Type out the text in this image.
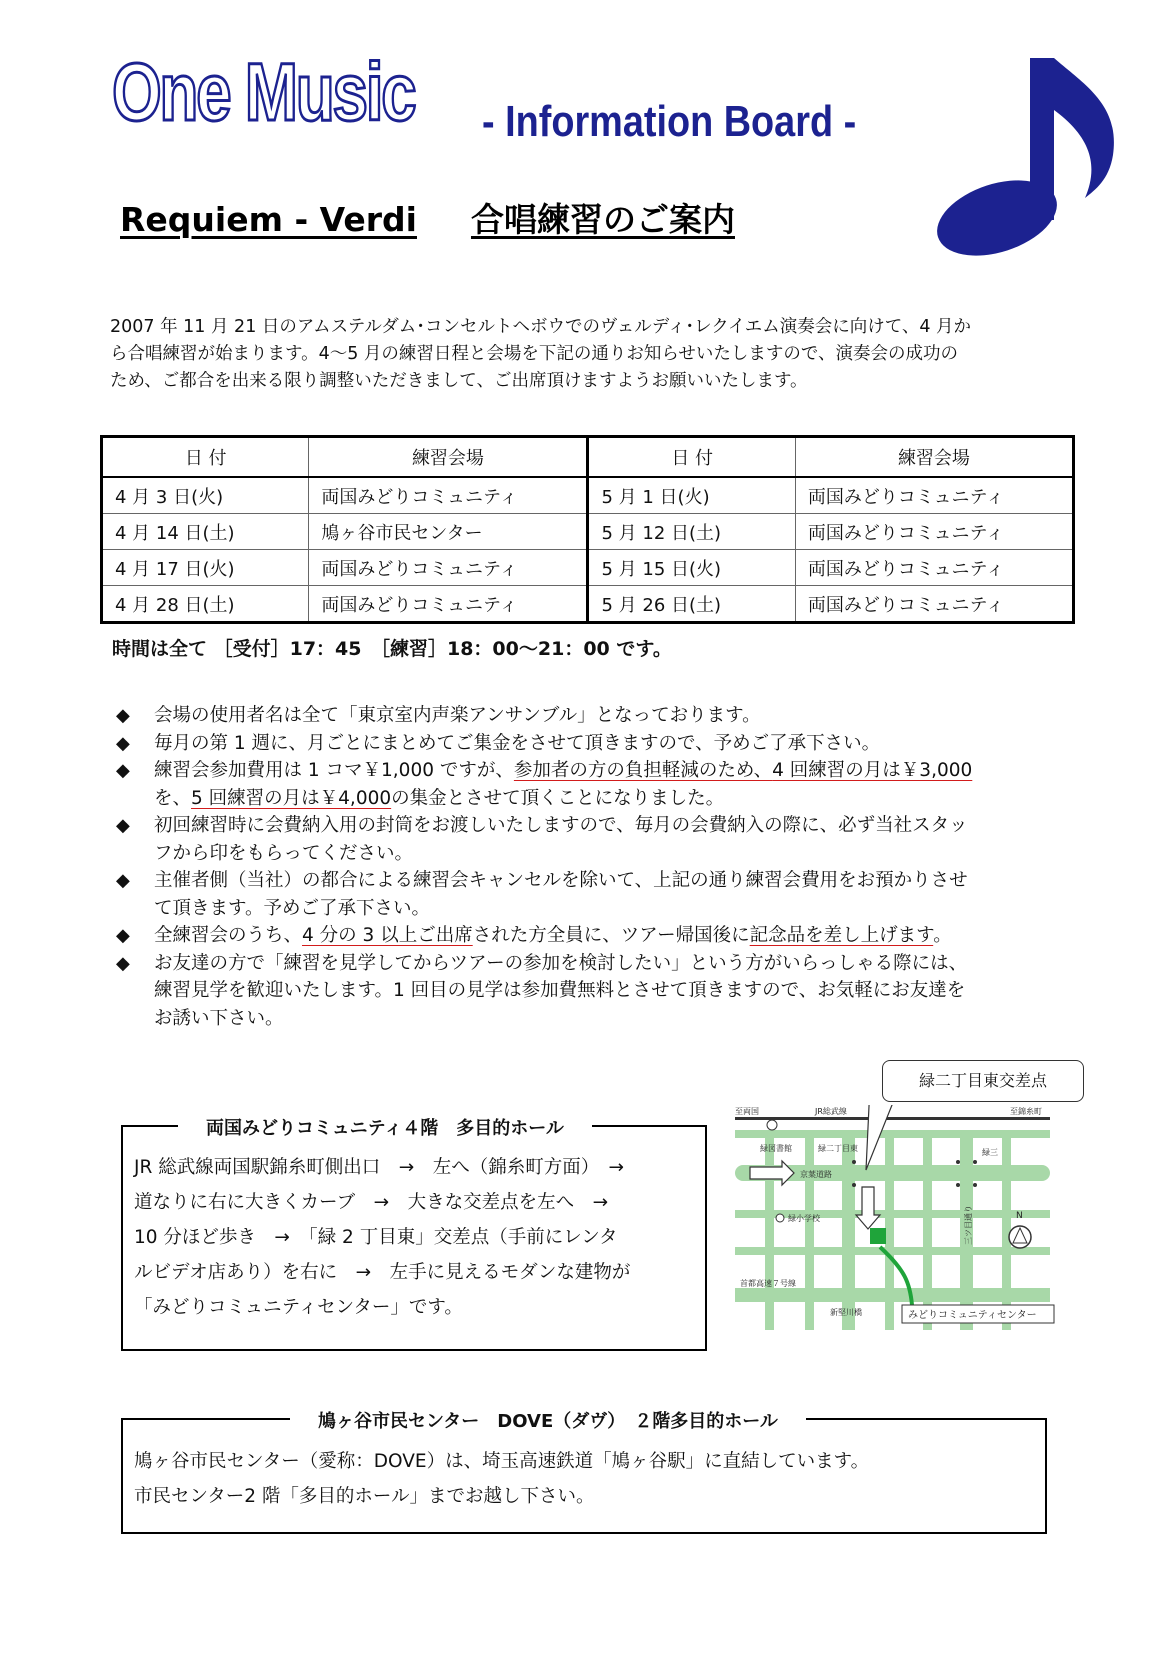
One Music - Information Board -
Requiem - Verdi 合唱練習のご案内
2007 年 11 月 21 日のアムステルダム･コンセルトヘボウでのヴェルディ･レクイエム演奏会に向けて、4 月か
ら合唱練習が始まります。4～5 月の練習日程と会場を下記の通りお知らせいたしますので、演奏会の成功の
ため、ご都合を出来る限り調整いただきまして、ご出席頂けますようお願いいたします。
日 付	練習会場	日 付	練習会場
4 月 3 日(火)	両国みどりコミュニティ	5 月 1 日(火)	両国みどりコミュニティ
4 月 14 日(土)	鳩ヶ谷市民センター	5 月 12 日(土)	両国みどりコミュニティ
4 月 17 日(火)	両国みどりコミュニティ	5 月 15 日(火)	両国みどりコミュニティ
4 月 28 日(土)	両国みどりコミュニティ	5 月 26 日(土)	両国みどりコミュニティ
時間は全て ［受付］17：45　［練習］18：00～21：00 です。
◆ 会場の使用者名は全て「東京室内声楽アンサンブル」となっております。
◆ 毎月の第 1 週に、月ごとにまとめてご集金をさせて頂きますので、予めご了承下さい。
◆ 練習会参加費用は 1 コマ￥1,000 ですが、参加者の方の負担軽減のため、4 回練習の月は￥3,000
を、5 回練習の月は￥4,000の集金とさせて頂くことになりました。
◆ 初回練習時に会費納入用の封筒をお渡しいたしますので、毎月の会費納入の際に、必ず当社スタッ
フから印をもらってください。
◆ 主催者側（当社）の都合による練習会キャンセルを除いて、上記の通り練習会費用をお預かりさせ
て頂きます。予めご了承下さい。
◆ 全練習会のうち、4 分の 3 以上ご出席された方全員に、ツアー帰国後に記念品を差し上げます。
◆ お友達の方で「練習を見学してからツアーの参加を検討したい」という方がいらっしゃる際には、
練習見学を歓迎いたします。1 回目の見学は参加費無料とさせて頂きますので、お気軽にお友達を
お誘い下さい。
両国みどりコミュニティ４階　多目的ホール
JR 総武線両国駅錦糸町側出口　→　左へ（錦糸町方面）　→
道なりに右に大きくカーブ　→　大きな交差点を左へ　→
10 分ほど歩き　→　「緑 2 丁目東」交差点（手前にレンタ
ルビデオ店あり）を右に　→　左手に見えるモダンな建物が
「みどりコミュニティセンター」です。
至両国	至錦糸町
JR総武線
緑図書館	緑二丁目東	緑三
京葉道路
緑小学校	三ツ目通り	N
首都高速７号線
新堅川橋	みどりコミュニティセンター
緑二丁目東交差点
鳩ヶ谷市民センター　DOVE（ダヴ）　２階多目的ホール
鳩ヶ谷市民センター（愛称：DOVE）は、埼玉高速鉄道「鳩ヶ谷駅」に直結しています。
市民センター2 階「多目的ホール」までお越し下さい。
